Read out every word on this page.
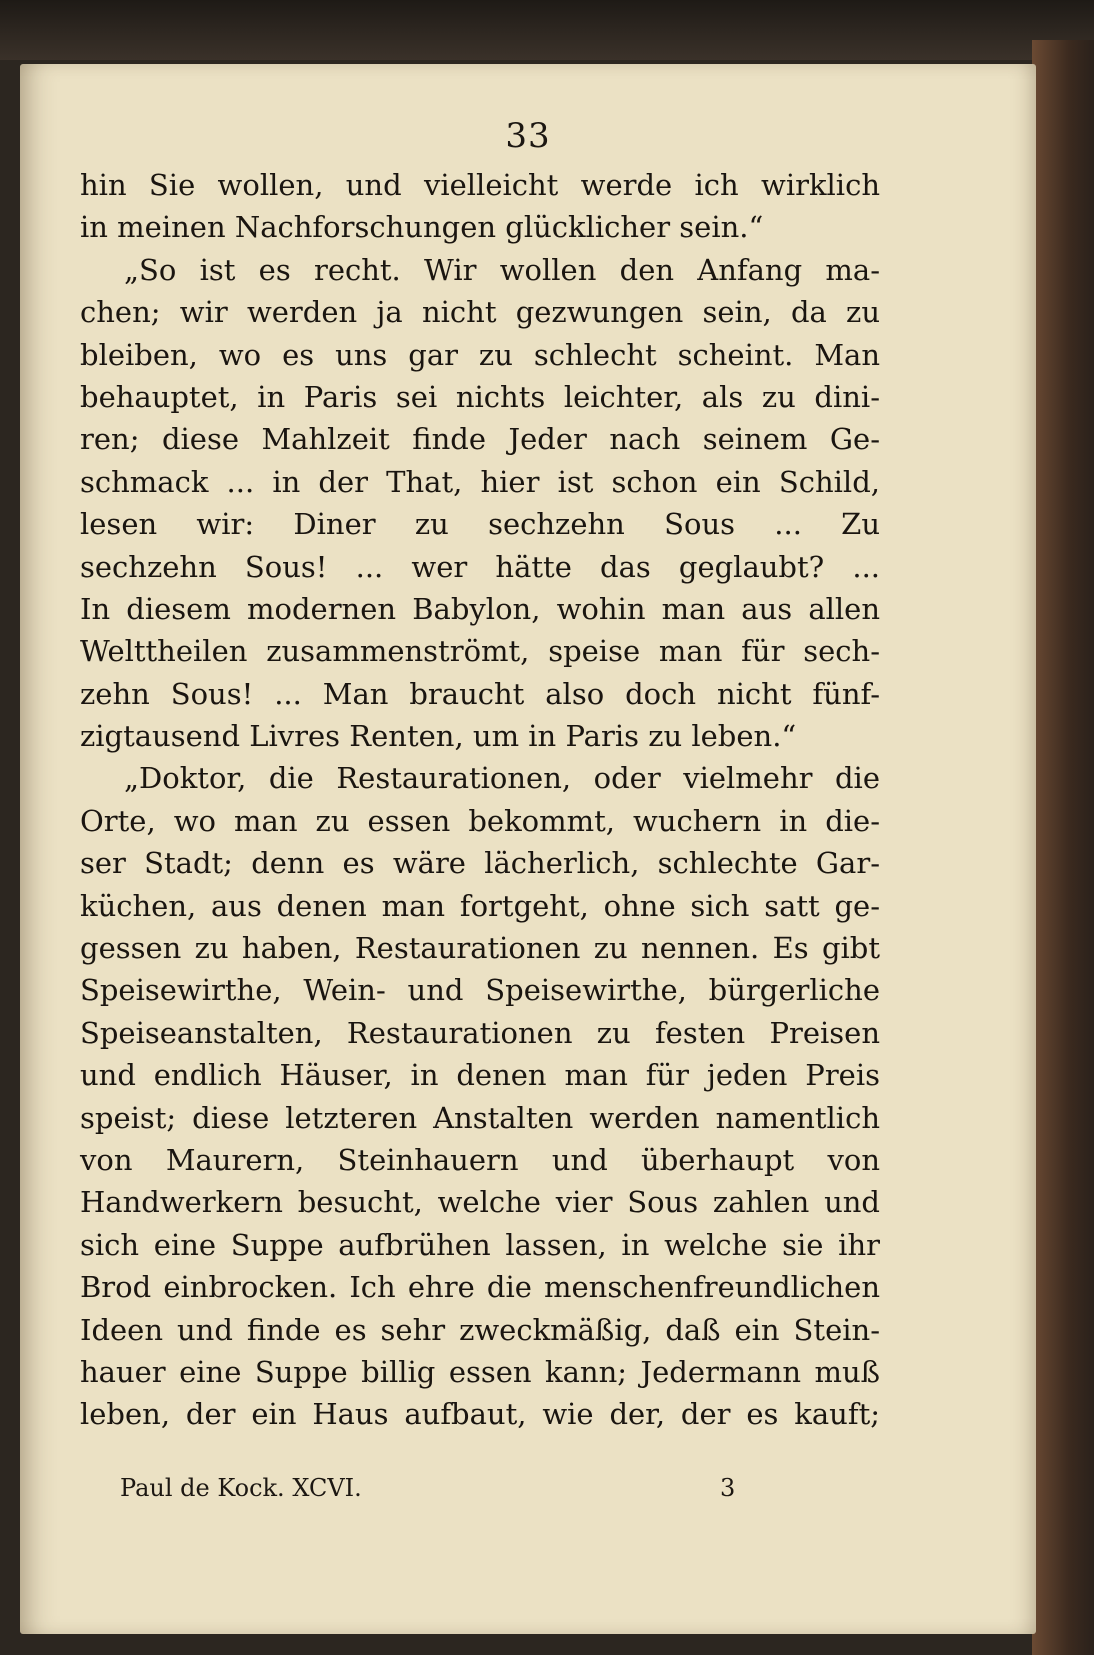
33
hin Sie wollen, und vielleicht werde ich wirklich
in meinen Nachforschungen glücklicher sein.“
„So ist es recht. Wir wollen den Anfang ma-
chen; wir werden ja nicht gezwungen sein, da zu
bleiben, wo es uns gar zu schlecht scheint. Man
behauptet, in Paris sei nichts leichter, als zu dini-
ren; diese Mahlzeit finde Jeder nach seinem Ge-
schmack ... in der That, hier ist schon ein Schild,
lesen wir: Diner zu sechzehn Sous ... Zu
sechzehn Sous! ... wer hätte das geglaubt? ...
In diesem modernen Babylon, wohin man aus allen
Welttheilen zusammenströmt, speise man für sech-
zehn Sous! ... Man braucht also doch nicht fünf-
zigtausend Livres Renten, um in Paris zu leben.“
„Doktor, die Restaurationen, oder vielmehr die
Orte, wo man zu essen bekommt, wuchern in die-
ser Stadt; denn es wäre lächerlich, schlechte Gar-
küchen, aus denen man fortgeht, ohne sich satt ge-
gessen zu haben, Restaurationen zu nennen. Es gibt
Speisewirthe, Wein- und Speisewirthe, bürgerliche
Speiseanstalten, Restaurationen zu festen Preisen
und endlich Häuser, in denen man für jeden Preis
speist; diese letzteren Anstalten werden namentlich
von Maurern, Steinhauern und überhaupt von
Handwerkern besucht, welche vier Sous zahlen und
sich eine Suppe aufbrühen lassen, in welche sie ihr
Brod einbrocken. Ich ehre die menschenfreundlichen
Ideen und finde es sehr zweckmäßig, daß ein Stein-
hauer eine Suppe billig essen kann; Jedermann muß
leben, der ein Haus aufbaut, wie der, der es kauft;
Paul de Kock. XCVI.	3
